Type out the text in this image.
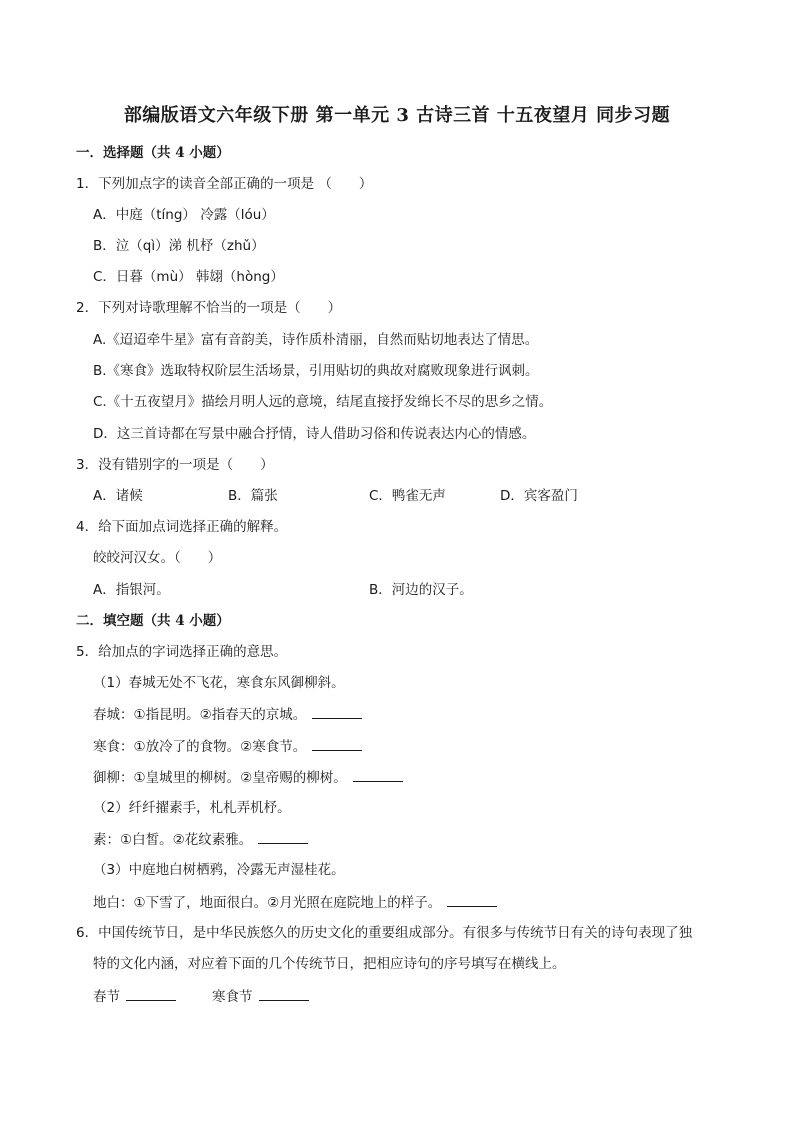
部编版语文六年级下册 第一单元 3 古诗三首 十五夜望月 同步习题
一．选择题（共 4 小题）
1．下列加点字的读音全部正确的一项是 （　　）
A．中庭（tíng） 冷露（lóu）
B．泣（qì）涕 机杼（zhǔ）
C．日暮（mù） 韩翃（hòng）
2．下列对诗歌理解不恰当的一项是（　　）
A.《迢迢牵牛星》富有音韵美，诗作质朴清丽，自然而贴切地表达了情思。
B.《寒食》选取特权阶层生活场景，引用贴切的典故对腐败现象进行讽刺。
C.《十五夜望月》描绘月明人远的意境，结尾直接抒发绵长不尽的思乡之情。
D．这三首诗都在写景中融合抒情，诗人借助习俗和传说表达内心的情感。
3．没有错别字的一项是（　　）
A．诸候	B．篇张	C．鸭雀无声	D．宾客盈门
4．给下面加点词选择正确的解释。
皎皎河汉女。（　　）
A．指银河。	B．河边的汉子。
二．填空题（共 4 小题）
5．给加点的字词选择正确的意思。
（1）春城无处不飞花，寒食东风御柳斜。
春城：①指昆明。②指春天的京城。
寒食：①放冷了的食物。②寒食节。
御柳：①皇城里的柳树。②皇帝赐的柳树。
（2）纤纤擢素手，札札弄机杼。
素：①白皙。②花纹素雅。
（3）中庭地白树栖鸦，冷露无声湿桂花。
地白：①下雪了，地面很白。②月光照在庭院地上的样子。
6．中国传统节日，是中华民族悠久的历史文化的重要组成部分。有很多与传统节日有关的诗句表现了独
特的文化内涵，对应着下面的几个传统节日，把相应诗句的序号填写在横线上。
春节	寒食节
